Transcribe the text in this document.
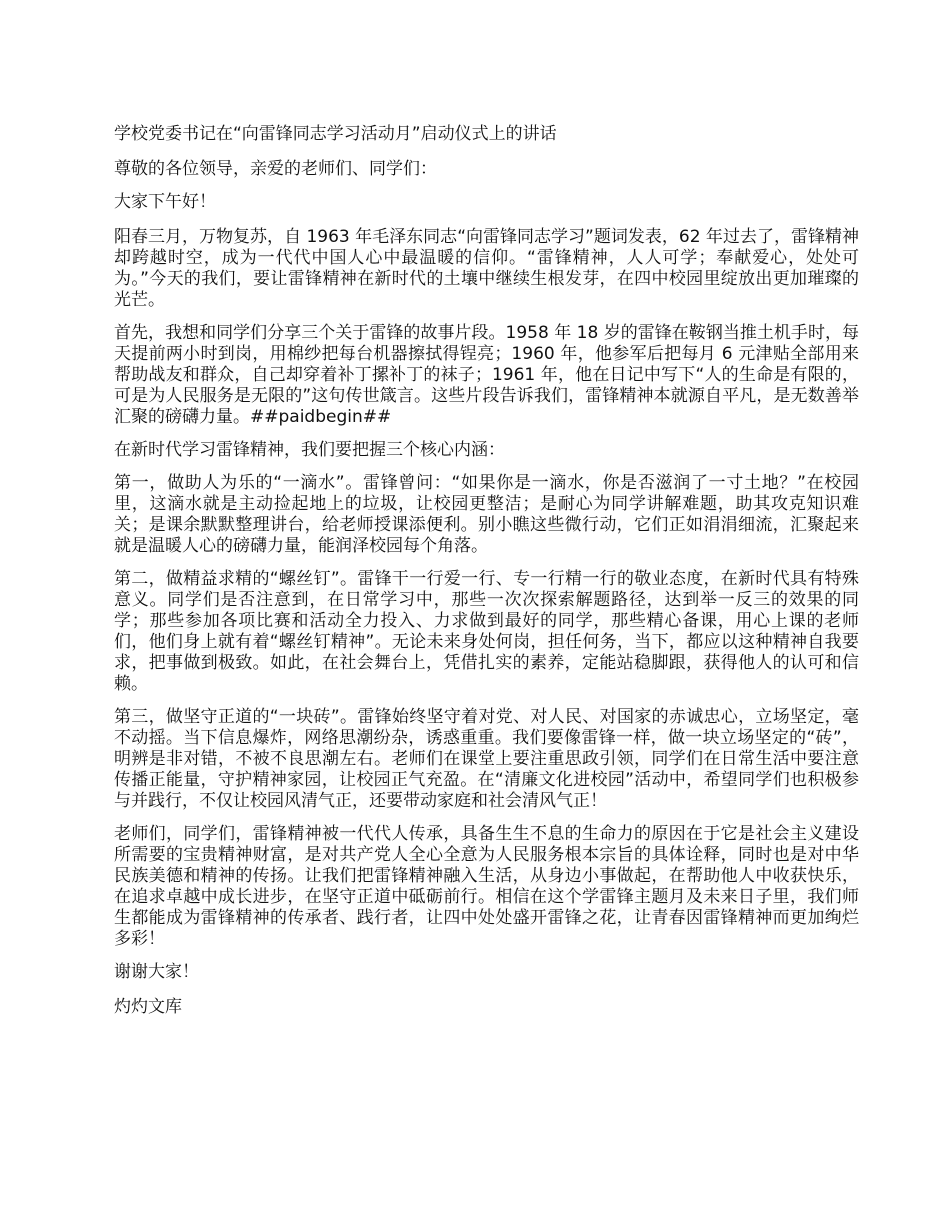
学校党委书记在“向雷锋同志学习活动月”启动仪式上的讲话

尊敬的各位领导，亲爱的老师们、同学们：

大家下午好！

阳春三月，万物复苏，自 1963 年毛泽东同志“向雷锋同志学习”题词发表，62 年过去了，雷锋精神却跨越时空，成为一代代中国人心中最温暖的信仰。“雷锋精神，人人可学；奉献爱心，处处可为。”今天的我们，要让雷锋精神在新时代的土壤中继续生根发芽，在四中校园里绽放出更加璀璨的光芒。

首先，我想和同学们分享三个关于雷锋的故事片段。1958 年 18 岁的雷锋在鞍钢当推土机手时，每天提前两小时到岗，用棉纱把每台机器擦拭得锃亮；1960 年，他参军后把每月 6 元津贴全部用来帮助战友和群众，自己却穿着补丁摞补丁的袜子；1961 年，他在日记中写下“人的生命是有限的，可是为人民服务是无限的”这句传世箴言。这些片段告诉我们，雷锋精神本就源自平凡，是无数善举汇聚的磅礴力量。##paidbegin##

在新时代学习雷锋精神，我们要把握三个核心内涵：

第一，做助人为乐的“一滴水”。雷锋曾问：“如果你是一滴水，你是否滋润了一寸土地？”在校园里，这滴水就是主动捡起地上的垃圾，让校园更整洁；是耐心为同学讲解难题，助其攻克知识难关；是课余默默整理讲台，给老师授课添便利。别小瞧这些微行动，它们正如涓涓细流，汇聚起来就是温暖人心的磅礴力量，能润泽校园每个角落。

第二，做精益求精的“螺丝钉”。雷锋干一行爱一行、专一行精一行的敬业态度，在新时代具有特殊意义。同学们是否注意到，在日常学习中，那些一次次探索解题路径，达到举一反三的效果的同学；那些参加各项比赛和活动全力投入、力求做到最好的同学，那些精心备课，用心上课的老师们，他们身上就有着“螺丝钉精神”。无论未来身处何岗，担任何务，当下，都应以这种精神自我要求，把事做到极致。如此，在社会舞台上，凭借扎实的素养，定能站稳脚跟，获得他人的认可和信赖。

第三，做坚守正道的“一块砖”。雷锋始终坚守着对党、对人民、对国家的赤诚忠心，立场坚定，毫不动摇。当下信息爆炸，网络思潮纷杂，诱惑重重。我们要像雷锋一样，做一块立场坚定的“砖”，明辨是非对错，不被不良思潮左右。老师们在课堂上要注重思政引领，同学们在日常生活中要注意传播正能量，守护精神家园，让校园正气充盈。在“清廉文化进校园”活动中，希望同学们也积极参与并践行，不仅让校园风清气正，还要带动家庭和社会清风气正！

老师们，同学们，雷锋精神被一代代人传承，具备生生不息的生命力的原因在于它是社会主义建设所需要的宝贵精神财富，是对共产党人全心全意为人民服务根本宗旨的具体诠释，同时也是对中华民族美德和精神的传扬。让我们把雷锋精神融入生活，从身边小事做起，在帮助他人中收获快乐，在追求卓越中成长进步，在坚守正道中砥砺前行。相信在这个学雷锋主题月及未来日子里，我们师生都能成为雷锋精神的传承者、践行者，让四中处处盛开雷锋之花，让青春因雷锋精神而更加绚烂多彩！

谢谢大家！

灼灼文库
